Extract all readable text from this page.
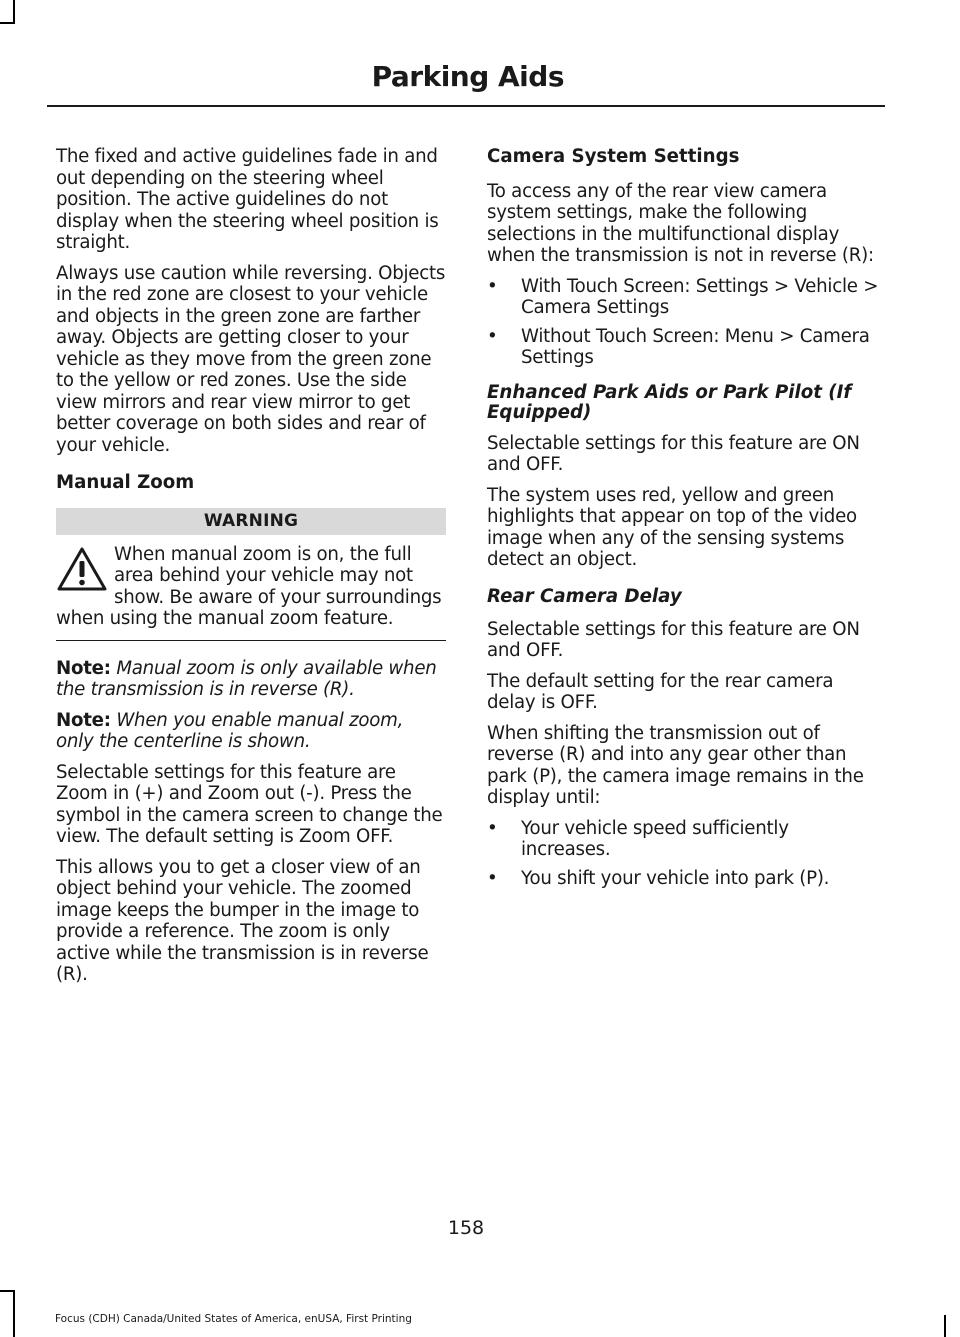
Parking Aids

The fixed and active guidelines fade in and out depending on the steering wheel position. The active guidelines do not display when the steering wheel position is straight.

Always use caution while reversing. Objects in the red zone are closest to your vehicle and objects in the green zone are farther away. Objects are getting closer to your vehicle as they move from the green zone to the yellow or red zones. Use the side view mirrors and rear view mirror to get better coverage on both sides and rear of your vehicle.

Manual Zoom
WARNING
When manual zoom is on, the full area behind your vehicle may not show. Be aware of your surroundings when using the manual zoom feature.

Note: Manual zoom is only available when the transmission is in reverse (R).

Note: When you enable manual zoom, only the centerline is shown.

Selectable settings for this feature are Zoom in (+) and Zoom out (-). Press the symbol in the camera screen to change the view. The default setting is Zoom OFF.

This allows you to get a closer view of an object behind your vehicle. The zoomed image keeps the bumper in the image to provide a reference. The zoom is only active while the transmission is in reverse (R).

Camera System Settings

To access any of the rear view camera system settings, make the following selections in the multifunctional display when the transmission is not in reverse (R):

• With Touch Screen: Settings > Vehicle > Camera Settings
• Without Touch Screen: Menu > Camera Settings
Enhanced Park Aids or Park Pilot (If Equipped)

Selectable settings for this feature are ON and OFF.

The system uses red, yellow and green highlights that appear on top of the video image when any of the sensing systems detect an object.

Rear Camera Delay

Selectable settings for this feature are ON and OFF.

The default setting for the rear camera delay is OFF.

When shifting the transmission out of reverse (R) and into any gear other than park (P), the camera image remains in the display until:

• Your vehicle speed sufficiently increases.
• You shift your vehicle into park (P).
158
Focus (CDH) Canada/United States of America, enUSA, First Printing
